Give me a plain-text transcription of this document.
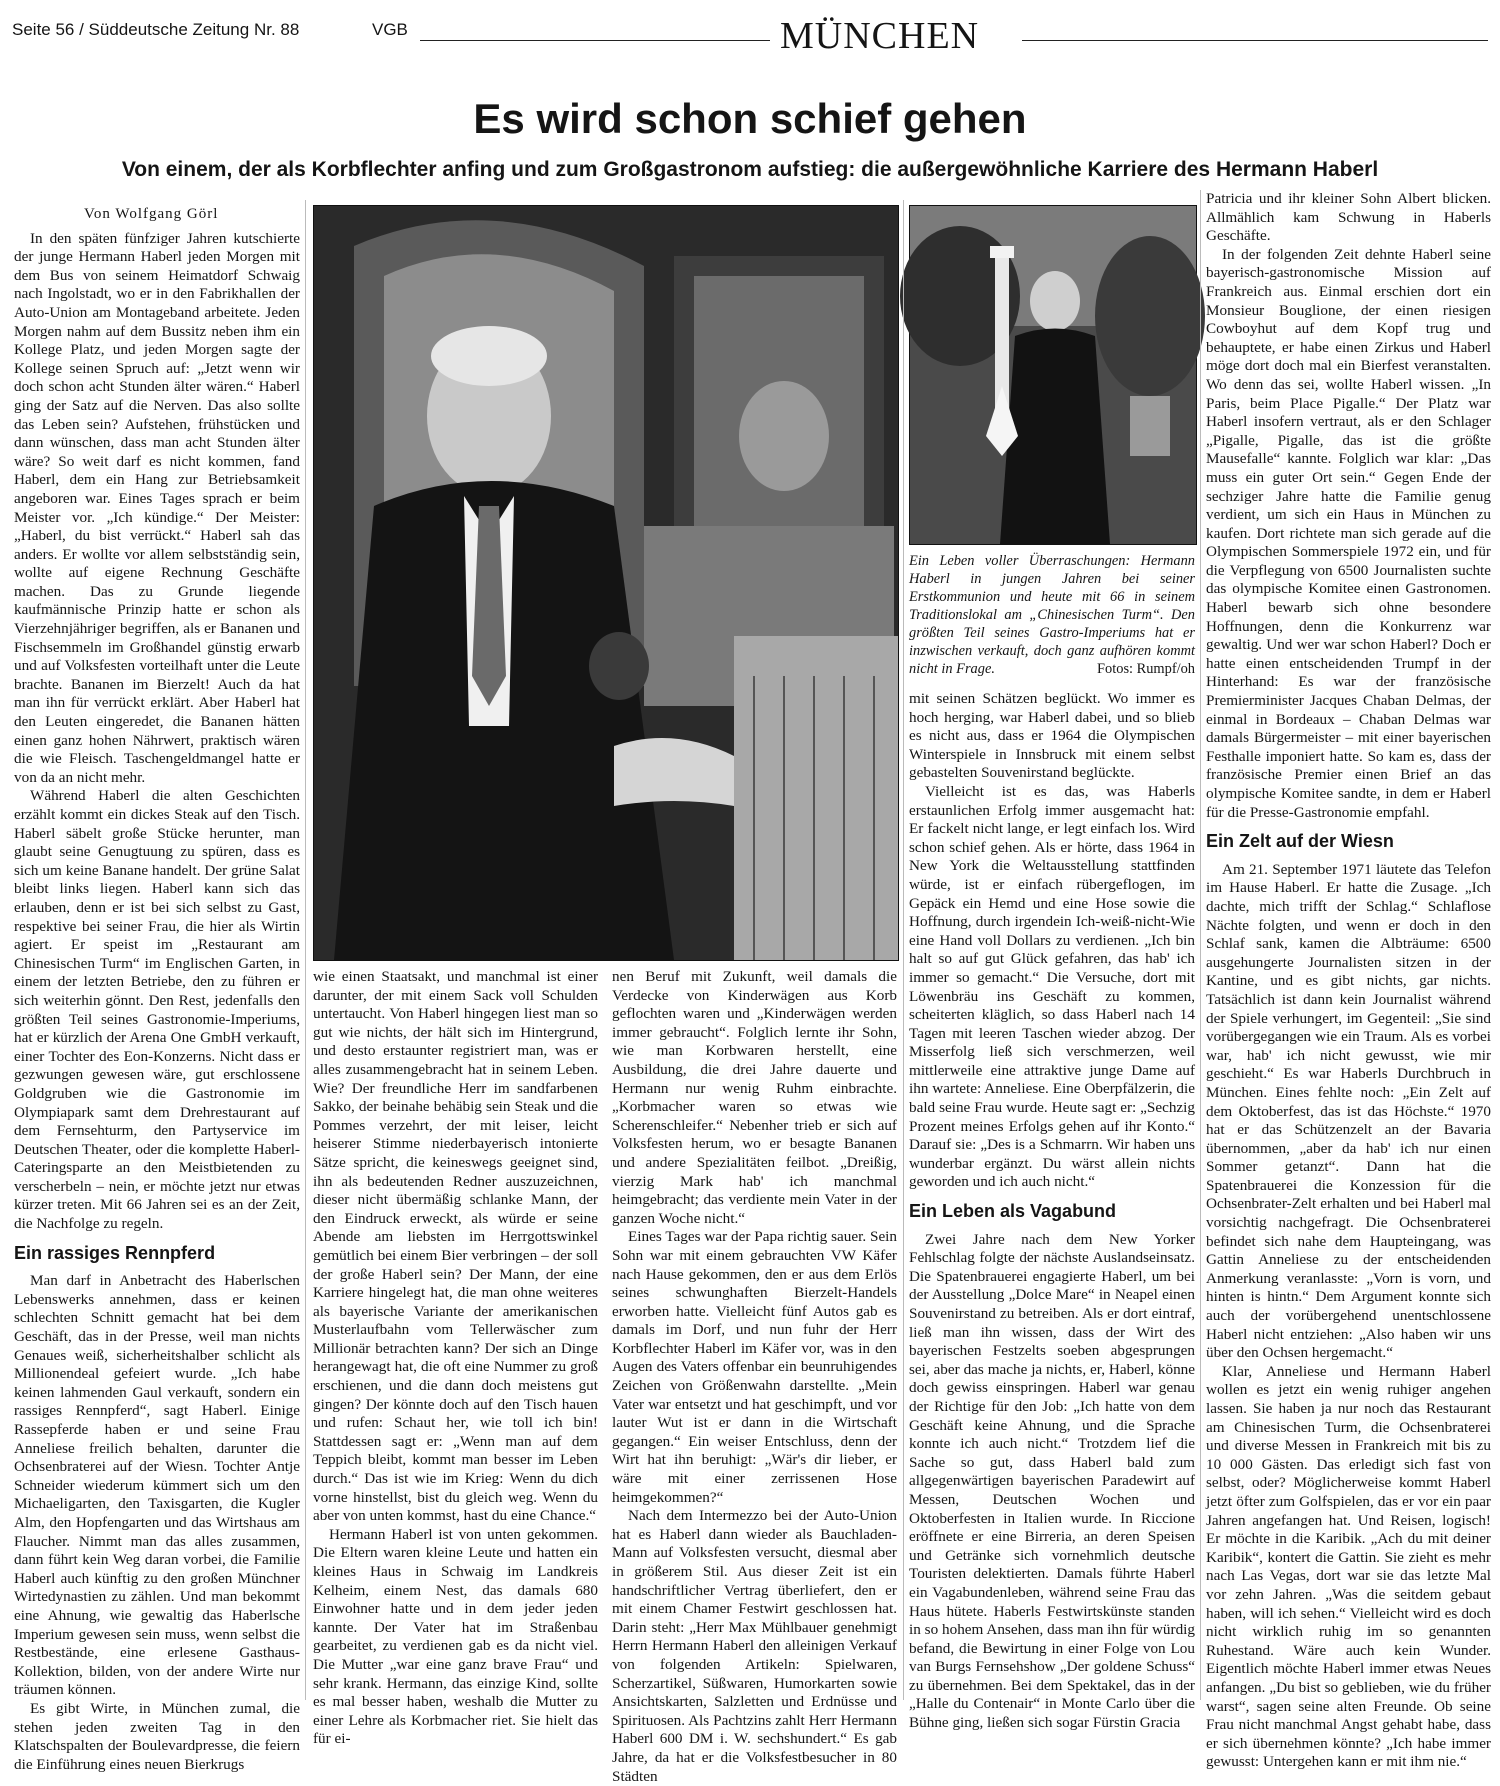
Seite 56 / Süddeutsche Zeitung Nr. 88	VGB	MÜNCHEN
Es wird schon schief gehen
Von einem, der als Korbflechter anfing und zum Großgastronom aufstieg: die außergewöhnliche Karriere des Hermann Haberl
Von Wolfgang Görl

In den späten fünfziger Jahren kutschierte der junge Hermann Haberl jeden Morgen mit dem Bus von seinem Heimatdorf Schwaig nach Ingolstadt, wo er in den Fabrikhallen der Auto-Union am Montageband arbeitete. Jeden Morgen nahm auf dem Bussitz neben ihm ein Kollege Platz, und jeden Morgen sagte der Kollege seinen Spruch auf: „Jetzt wenn wir doch schon acht Stunden älter wären.“ Haberl ging der Satz auf die Nerven. Das also sollte das Leben sein? Aufstehen, frühstücken und dann wünschen, dass man acht Stunden älter wäre? So weit darf es nicht kommen, fand Haberl, dem ein Hang zur Betriebsamkeit angeboren war. Eines Tages sprach er beim Meister vor. „Ich kündige.“ Der Meister: „Haberl, du bist verrückt.“ Haberl sah das anders. Er wollte vor allem selbstständig sein, wollte auf eigene Rechnung Geschäfte machen. Das zu Grunde liegende kaufmännische Prinzip hatte er schon als Vierzehnjähriger begriffen, als er Bananen und Fischsemmeln im Großhandel günstig erwarb und auf Volksfesten vorteilhaft unter die Leute brachte. Bananen im Bierzelt! Auch da hat man ihn für verrückt erklärt. Aber Haberl hat den Leuten eingeredet, die Bananen hätten einen ganz hohen Nährwert, praktisch wären die wie Fleisch. Taschengeldmangel hatte er von da an nicht mehr.

Während Haberl die alten Geschichten erzählt kommt ein dickes Steak auf den Tisch. Haberl säbelt große Stücke herunter, man glaubt seine Genugtuung zu spüren, dass es sich um keine Banane handelt. Der grüne Salat bleibt links liegen. Haberl kann sich das erlauben, denn er ist bei sich selbst zu Gast, respektive bei seiner Frau, die hier als Wirtin agiert. Er speist im „Restaurant am Chinesischen Turm“ im Englischen Garten, in einem der letzten Betriebe, den zu führen er sich weiterhin gönnt. Den Rest, jedenfalls den größten Teil seines Gastronomie-Imperiums, hat er kürzlich der Arena One GmbH verkauft, einer Tochter des Eon-Konzerns. Nicht dass er gezwungen gewesen wäre, gut erschlossene Goldgruben wie die Gastronomie im Olympiapark samt dem Drehrestaurant auf dem Fernsehturm, den Partyservice im Deutschen Theater, oder die komplette Haberl-Cateringsparte an den Meistbietenden zu verscherbeln – nein, er möchte jetzt nur etwas kürzer treten. Mit 66 Jahren sei es an der Zeit, die Nachfolge zu regeln.

Ein rassiges Rennpferd

Man darf in Anbetracht des Haberlschen Lebenswerks annehmen, dass er keinen schlechten Schnitt gemacht hat bei dem Geschäft, das in der Presse, weil man nichts Genaues weiß, sicherheitshalber schlicht als Millionendeal gefeiert wurde. „Ich habe keinen lahmenden Gaul verkauft, sondern ein rassiges Rennpferd“, sagt Haberl. Einige Rassepferde haben er und seine Frau Anneliese freilich behalten, darunter die Ochsenbraterei auf der Wiesn. Tochter Antje Schneider wiederum kümmert sich um den Michaeligarten, den Taxisgarten, die Kugler Alm, den Hopfengarten und das Wirtshaus am Flaucher. Nimmt man das alles zusammen, dann führt kein Weg daran vorbei, die Familie Haberl auch künftig zu den großen Münchner Wirtedynastien zu zählen. Und man bekommt eine Ahnung, wie gewaltig das Haberlsche Imperium gewesen sein muss, wenn selbst die Restbestände, eine erlesene Gasthaus-Kollektion, bilden, von der andere Wirte nur träumen können.

Es gibt Wirte, in München zumal, die stehen jeden zweiten Tag in den Klatschspalten der Boulevardpresse, die feiern die Einführung eines neuen Bierkrugs

wie einen Staatsakt, und manchmal ist einer darunter, der mit einem Sack voll Schulden untertaucht. Von Haberl hingegen liest man so gut wie nichts, der hält sich im Hintergrund, und desto erstaunter registriert man, was er alles zusammengebracht hat in seinem Leben. Wie? Der freundliche Herr im sandfarbenen Sakko, der beinahe behäbig sein Steak und die Pommes verzehrt, der mit leiser, leicht heiserer Stimme niederbayerisch intonierte Sätze spricht, die keineswegs geeignet sind, ihn als bedeutenden Redner auszuzeichnen, dieser nicht übermäßig schlanke Mann, der den Eindruck erweckt, als würde er seine Abende am liebsten im Herrgottswinkel gemütlich bei einem Bier verbringen – der soll der große Haberl sein? Der Mann, der eine Karriere hingelegt hat, die man ohne weiteres als bayerische Variante der amerikanischen Musterlaufbahn vom Tellerwäscher zum Millionär betrachten kann? Der sich an Dinge herangewagt hat, die oft eine Nummer zu groß erschienen, und die dann doch meistens gut gingen? Der könnte doch auf den Tisch hauen und rufen: Schaut her, wie toll ich bin! Stattdessen sagt er: „Wenn man auf dem Teppich bleibt, kommt man besser im Leben durch.“ Das ist wie im Krieg: Wenn du dich vorne hinstellst, bist du gleich weg. Wenn du aber von unten kommst, hast du eine Chance.“

Hermann Haberl ist von unten gekommen. Die Eltern waren kleine Leute und hatten ein kleines Haus in Schwaig im Landkreis Kelheim, einem Nest, das damals 680 Einwohner hatte und in dem jeder jeden kannte. Der Vater hat im Straßenbau gearbeitet, zu verdienen gab es da nicht viel. Die Mutter „war eine ganz brave Frau“ und sehr krank. Hermann, das einzige Kind, sollte es mal besser haben, weshalb die Mutter zu einer Lehre als Korbmacher riet. Sie hielt das für ei-

nen Beruf mit Zukunft, weil damals die Verdecke von Kinderwägen aus Korb geflochten waren und „Kinderwägen werden immer gebraucht“. Folglich lernte ihr Sohn, wie man Korbwaren herstellt, eine Ausbildung, die drei Jahre dauerte und Hermann nur wenig Ruhm einbrachte. „Korbmacher waren so etwas wie Scherenschleifer.“ Nebenher trieb er sich auf Volksfesten herum, wo er besagte Bananen und andere Spezialitäten feilbot. „Dreißig, vierzig Mark hab' ich manchmal heimgebracht; das verdiente mein Vater in der ganzen Woche nicht.“

Eines Tages war der Papa richtig sauer. Sein Sohn war mit einem gebrauchten VW Käfer nach Hause gekommen, den er aus dem Erlös seines schwunghaften Bierzelt-Handels erworben hatte. Vielleicht fünf Autos gab es damals im Dorf, und nun fuhr der Herr Korbflechter Haberl im Käfer vor, was in den Augen des Vaters offenbar ein beunruhigendes Zeichen von Größenwahn darstellte. „Mein Vater war entsetzt und hat geschimpft, und vor lauter Wut ist er dann in die Wirtschaft gegangen.“ Ein weiser Entschluss, denn der Wirt hat ihn beruhigt: „Wär's dir lieber, er wäre mit einer zerrissenen Hose heimgekommen?“

Nach dem Intermezzo bei der Auto-Union hat es Haberl dann wieder als Bauchladen-Mann auf Volksfesten versucht, diesmal aber in größerem Stil. Aus dieser Zeit ist ein handschriftlicher Vertrag überliefert, den er mit einem Chamer Festwirt geschlossen hat. Darin steht: „Herr Max Mühlbauer genehmigt Herrn Hermann Haberl den alleinigen Verkauf von folgenden Artikeln: Spielwaren, Scherzartikel, Süßwaren, Humorkarten sowie Ansichtskarten, Salzletten und Erdnüsse und Spirituosen. Als Pachtzins zahlt Herr Hermann Haberl 600 DM i. W. sechshundert.“ Es gab Jahre, da hat er die Volksfestbesucher in 80 Städten

Ein Leben voller Überraschungen: Hermann Haberl in jungen Jahren bei seiner Erstkommunion und heute mit 66 in seinem Traditionslokal am „Chinesischen Turm“. Den größten Teil seines Gastro-Imperiums hat er inzwischen verkauft, doch ganz aufhören kommt nicht in Frage.	Fotos: Rumpf/oh

mit seinen Schätzen beglückt. Wo immer es hoch herging, war Haberl dabei, und so blieb es nicht aus, dass er 1964 die Olympischen Winterspiele in Innsbruck mit einem selbst gebastelten Souvenirstand beglückte.

Vielleicht ist es das, was Haberls erstaunlichen Erfolg immer ausgemacht hat: Er fackelt nicht lange, er legt einfach los. Wird schon schief gehen. Als er hörte, dass 1964 in New York die Weltausstellung stattfinden würde, ist er einfach rübergeflogen, im Gepäck ein Hemd und eine Hose sowie die Hoffnung, durch irgendein Ich-weiß-nicht-Wie eine Hand voll Dollars zu verdienen. „Ich bin halt so auf gut Glück gefahren, das hab' ich immer so gemacht.“ Die Versuche, dort mit Löwenbräu ins Geschäft zu kommen, scheiterten kläglich, so dass Haberl nach 14 Tagen mit leeren Taschen wieder abzog. Der Misserfolg ließ sich verschmerzen, weil mittlerweile eine attraktive junge Dame auf ihn wartete: Anneliese. Eine Oberpfälzerin, die bald seine Frau wurde. Heute sagt er: „Sechzig Prozent meines Erfolgs gehen auf ihr Konto.“ Darauf sie: „Des is a Schmarrn. Wir haben uns wunderbar ergänzt. Du wärst allein nichts geworden und ich auch nicht.“

Ein Leben als Vagabund

Zwei Jahre nach dem New Yorker Fehlschlag folgte der nächste Auslandseinsatz. Die Spatenbrauerei engagierte Haberl, um bei der Ausstellung „Dolce Mare“ in Neapel einen Souvenirstand zu betreiben. Als er dort eintraf, ließ man ihn wissen, dass der Wirt des bayerischen Festzelts soeben abgesprungen sei, aber das mache ja nichts, er, Haberl, könne doch gewiss einspringen. Haberl war genau der Richtige für den Job: „Ich hatte von dem Geschäft keine Ahnung, und die Sprache konnte ich auch nicht.“ Trotzdem lief die Sache so gut, dass Haberl bald zum allgegenwärtigen bayerischen Paradewirt auf Messen, Deutschen Wochen und Oktoberfesten in Italien wurde. In Riccione eröffnete er eine Birreria, an deren Speisen und Getränke sich vornehmlich deutsche Touristen delektierten. Damals führte Haberl ein Vagabundenleben, während seine Frau das Haus hütete. Haberls Festwirtskünste standen in so hohem Ansehen, dass man ihn für würdig befand, die Bewirtung in einer Folge von Lou van Burgs Fernsehshow „Der goldene Schuss“ zu übernehmen. Bei dem Spektakel, das in der „Halle du Contenair“ in Monte Carlo über die Bühne ging, ließen sich sogar Fürstin Gracia

Patricia und ihr kleiner Sohn Albert blicken. Allmählich kam Schwung in Haberls Geschäfte.

In der folgenden Zeit dehnte Haberl seine bayerisch-gastronomische Mission auf Frankreich aus. Einmal erschien dort ein Monsieur Bouglione, der einen riesigen Cowboyhut auf dem Kopf trug und behauptete, er habe einen Zirkus und Haberl möge dort doch mal ein Bierfest veranstalten. Wo denn das sei, wollte Haberl wissen. „In Paris, beim Place Pigalle.“ Der Platz war Haberl insofern vertraut, als er den Schlager „Pigalle, Pigalle, das ist die größte Mausefalle“ kannte. Folglich war klar: „Das muss ein guter Ort sein.“ Gegen Ende der sechziger Jahre hatte die Familie genug verdient, um sich ein Haus in München zu kaufen. Dort richtete man sich gerade auf die Olympischen Sommerspiele 1972 ein, und für die Verpflegung von 6500 Journalisten suchte das olympische Komitee einen Gastronomen. Haberl bewarb sich ohne besondere Hoffnungen, denn die Konkurrenz war gewaltig. Und wer war schon Haberl? Doch er hatte einen entscheidenden Trumpf in der Hinterhand: Es war der französische Premierminister Jacques Chaban Delmas, der einmal in Bordeaux – Chaban Delmas war damals Bürgermeister – mit einer bayerischen Festhalle imponiert hatte. So kam es, dass der französische Premier einen Brief an das olympische Komitee sandte, in dem er Haberl für die Presse-Gastronomie empfahl.

Ein Zelt auf der Wiesn

Am 21. September 1971 läutete das Telefon im Hause Haberl. Er hatte die Zusage. „Ich dachte, mich trifft der Schlag.“ Schlaflose Nächte folgten, und wenn er doch in den Schlaf sank, kamen die Albträume: 6500 ausgehungerte Journalisten sitzen in der Kantine, und es gibt nichts, gar nichts. Tatsächlich ist dann kein Journalist während der Spiele verhungert, im Gegenteil: „Sie sind vorübergegangen wie ein Traum. Als es vorbei war, hab' ich nicht gewusst, wie mir geschieht.“ Es war Haberls Durchbruch in München. Eines fehlte noch: „Ein Zelt auf dem Oktoberfest, das ist das Höchste.“ 1970 hat er das Schützenzelt an der Bavaria übernommen, „aber da hab' ich nur einen Sommer getanzt“. Dann hat die Spatenbrauerei die Konzession für die Ochsenbrater-Zelt erhalten und bei Haberl mal vorsichtig nachgefragt. Die Ochsenbraterei befindet sich nahe dem Haupteingang, was Gattin Anneliese zu der entscheidenden Anmerkung veranlasste: „Vorn is vorn, und hinten is hintn.“ Dem Argument konnte sich auch der vorübergehend unentschlossene Haberl nicht entziehen: „Also haben wir uns über den Ochsen hergemacht.“

Klar, Anneliese und Hermann Haberl wollen es jetzt ein wenig ruhiger angehen lassen. Sie haben ja nur noch das Restaurant am Chinesischen Turm, die Ochsenbraterei und diverse Messen in Frankreich mit bis zu 10 000 Gästen. Das erledigt sich fast von selbst, oder? Möglicherweise kommt Haberl jetzt öfter zum Golfspielen, das er vor ein paar Jahren angefangen hat. Und Reisen, logisch! Er möchte in die Karibik. „Ach du mit deiner Karibik“, kontert die Gattin. Sie zieht es mehr nach Las Vegas, dort war sie das letzte Mal vor zehn Jahren. „Was die seitdem gebaut haben, will ich sehen.“ Vielleicht wird es doch nicht wirklich ruhig im so genannten Ruhestand. Wäre auch kein Wunder. Eigentlich möchte Haberl immer etwas Neues anfangen. „Du bist so geblieben, wie du früher warst“, sagen seine alten Freunde. Ob seine Frau nicht manchmal Angst gehabt habe, dass er sich übernehmen könnte? „Ich habe immer gewusst: Untergehen kann er mit ihm nie.“
